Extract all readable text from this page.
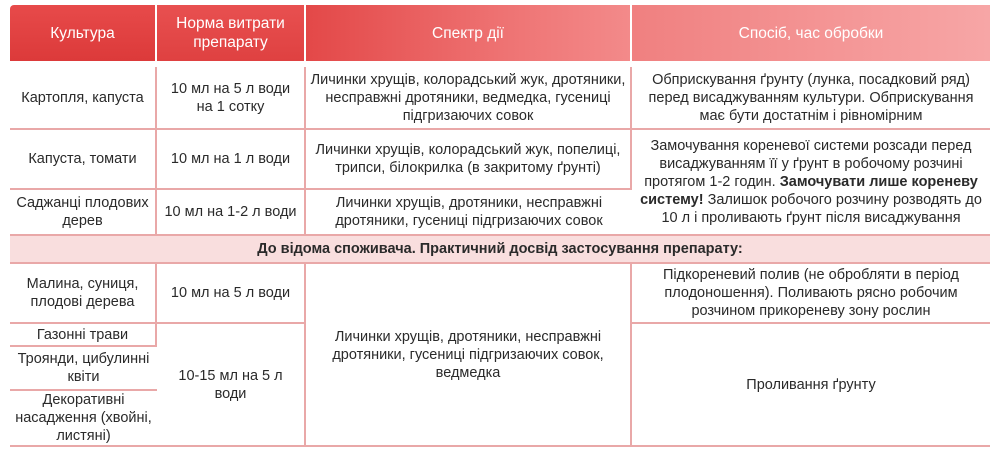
Культура	Норма витрати препарату	Спектр дії	Спосіб, час обробки

Картопля, капуста	10 мл на 5 л води на 1 сотку	Личинки хрущів, колорадський жук, дротяники, несправжні дротяники, ведмедка, гусениці підгризаючих совок	Обприскування ґрунту (лунка, посадковий ряд) перед висаджуванням культури. Обприскування має бути достатнім і рівномірним
Капуста, томати	10 мл на 1 л води	Личинки хрущів, колорадський жук, попелиці, трипси, білокрилка (в закритому ґрунті)	Замочування кореневої системи розсади перед висаджуванням її у ґрунт в робочому розчині протягом 1-2 годин. Замочувати лише кореневу систему! Залишок робочого розчину розводять до 10 л і проливають ґрунт після висаджування
Саджанці плодових дерев	10 мл на 1-2 л води	Личинки хрущів, дротяники, несправжні дротяники, гусениці підгризаючих совок	
До відома споживача. Практичний досвід застосування препарату:			
Малина, суниця, плодові дерева	10 мл на 5 л води	Личинки хрущів, дротяники, несправжні дротяники, гусениці підгризаючих совок, ведмедка	Підкореневий полив (не обробляти в період плодоношення). Поливають рясно робочим розчином прикореневу зону рослин
Газонні трави	10-15 мл на 5 л води		Проливання ґрунту
Троянди, цибулинні квіти			
Декоративні насадження (хвойні, листяні)			
